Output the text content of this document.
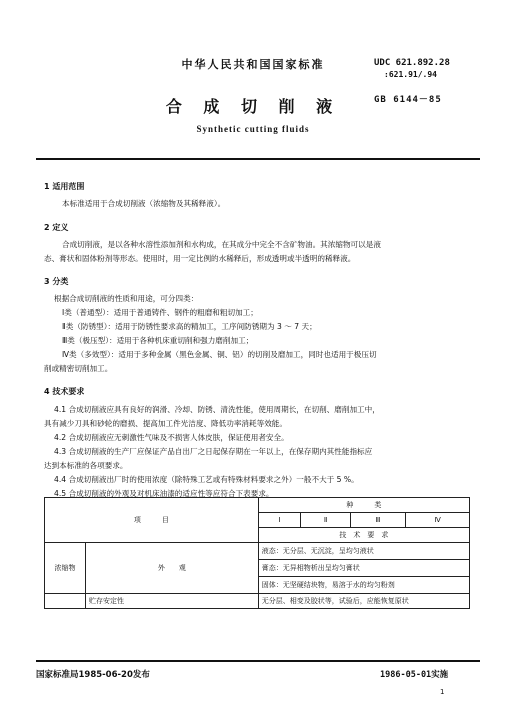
中华人民共和国国家标准	UDC 621.892.28
:621.91/.94
GB 6144－85
合 成 切 削 液
Synthetic cutting fluids
1 适用范围
本标准适用于合成切削液（浓缩物及其稀释液）。
2 定义
合成切削液，是以各种水溶性添加剂和水构成，在其成分中完全不含矿物油。其浓缩物可以是液
态、膏状和固体粉剂等形态。使用时，用一定比例的水稀释后，形成透明或半透明的稀释液。
3 分类
根据合成切削液的性质和用途，可分四类：
Ⅰ类（普通型）：适用于普通铸件、钢件的粗磨和粗切加工；
Ⅱ类（防锈型）：适用于防锈性要求高的精加工，工序间防锈期为 3 ～ 7 天；
Ⅲ类（极压型）：适用于各种机床重切削和强力磨削加工；
Ⅳ类（多效型）：适用于多种金属（黑色金属、铜、铝）的切削及磨加工，同时也适用于极压切
削或精密切削加工。
4 技术要求
4.1 合成切削液应具有良好的润滑、冷却、防锈、清洗性能，使用周期长，在切削、磨削加工中，
具有减少刀具和砂轮的磨损、提高加工件光洁度、降低功率消耗等效能。
4.2 合成切削液应无刺激性气味及不损害人体皮肤，保证使用者安全。
4.3 合成切削液的生产厂应保证产品自出厂之日起保存期在一年以上，在保存期内其性能指标应
达到本标准的各项要求。
4.4 合成切削液出厂时的使用浓度（除特殊工艺或有特殊材料要求之外）一般不大于 5 %。
4.5 合成切削液的外观及对机床油漆的适应性等应符合下表要求。
项　　　目		种　　　类			
		Ⅰ	Ⅱ	Ⅲ	Ⅳ
		技　术　要　求			
浓缩物	外　　观	液态：无分层、无沉淀，呈均匀液状			
		膏态：无异相物析出呈均匀膏状			
		固体：无坚硬结块物，易溶于水的均匀粉剂			
	贮存安定性	无分层、相变及胶状等，试验后，应能恢复原状			
国家标准局1985-06-20发布	1986-05-01实施
1
